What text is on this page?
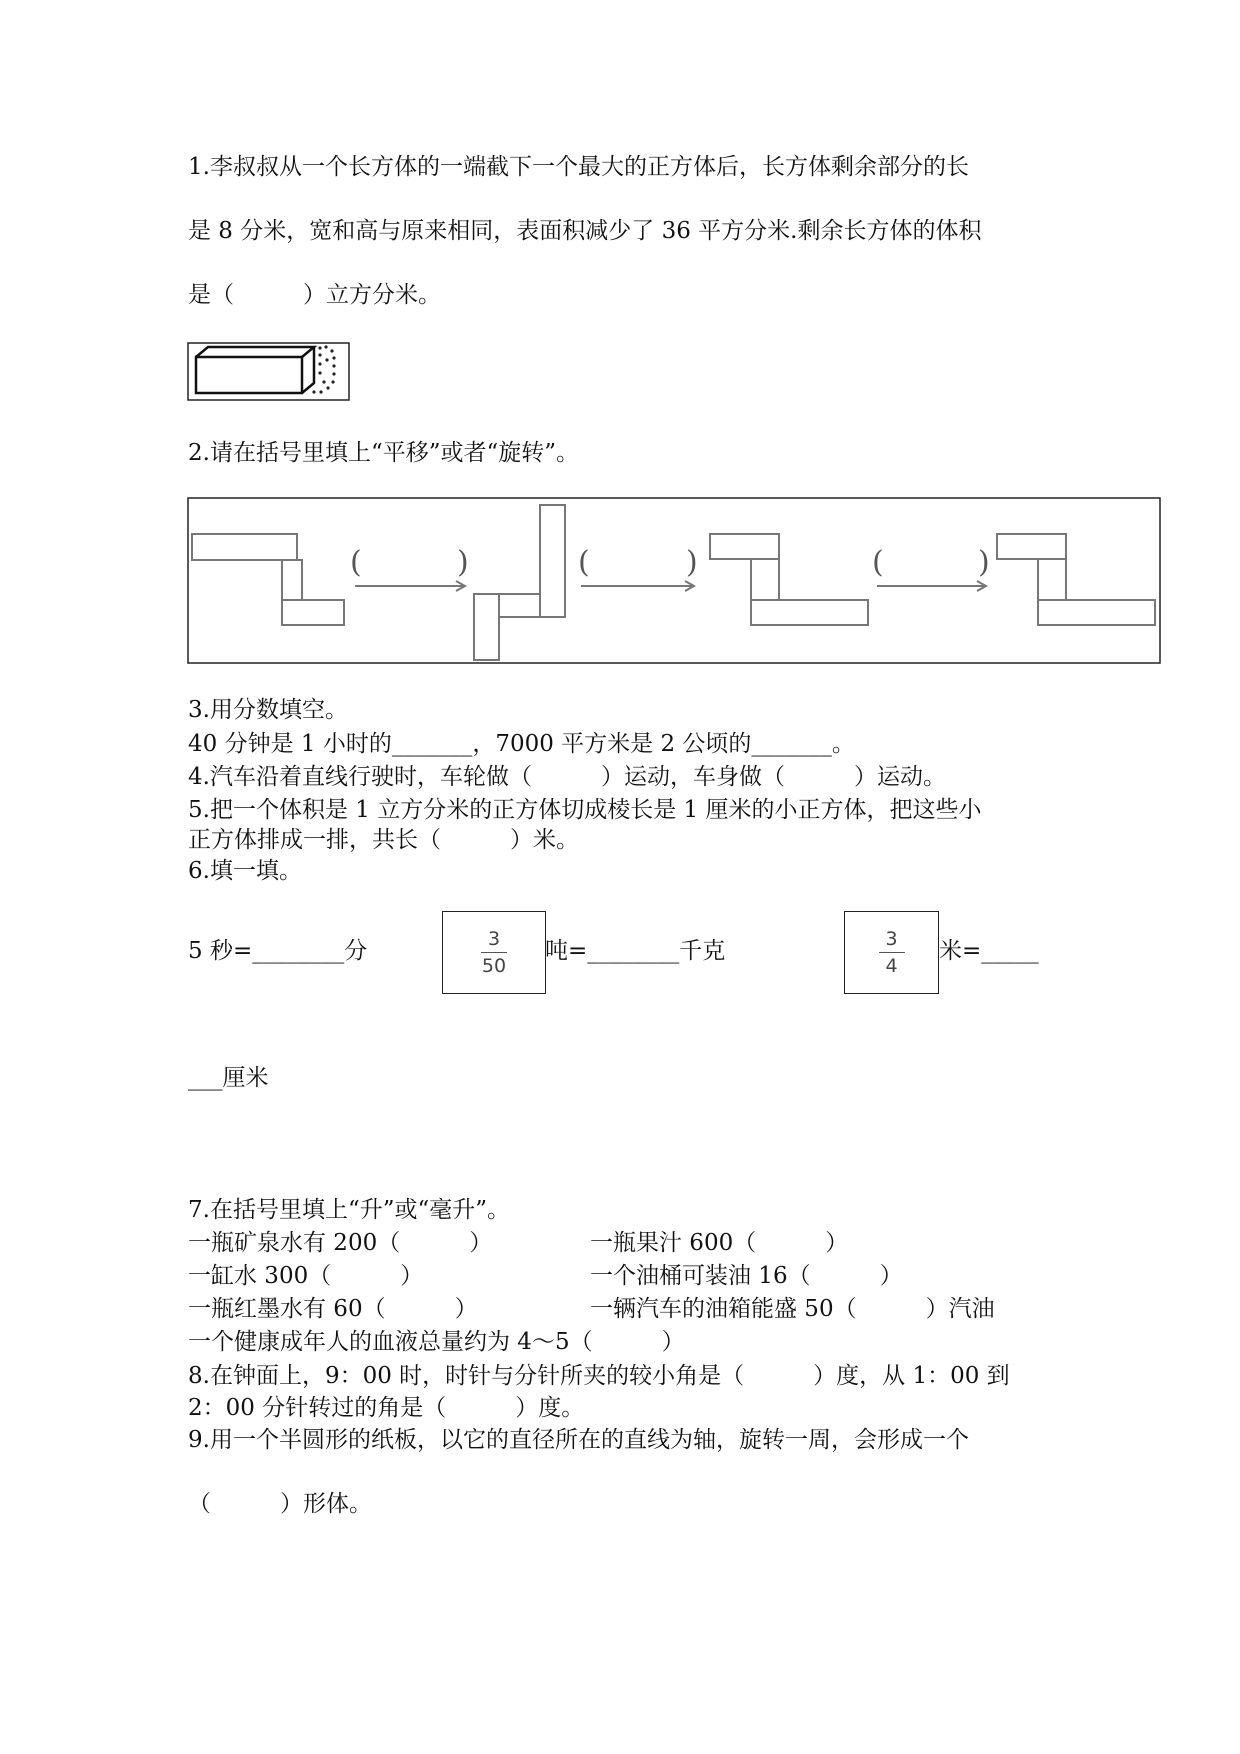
1.李叔叔从一个长方体的一端截下一个最大的正方体后，长方体剩余部分的长
是 8 分米，宽和高与原来相同，表面积减少了 36 平方分米.剩余长方体的体积
是（　　　）立方分米。
2.请在括号里填上“平移”或者“旋转”。
(	)	(	)	(	)
3.用分数填空。
40 分钟是 1 小时的_______，7000 平方米是 2 公顷的_______。
4.汽车沿着直线行驶时，车轮做（　　　）运动，车身做（　　　）运动。
5.把一个体积是 1 立方分米的正方体切成棱长是 1 厘米的小正方体，把这些小
正方体排成一排，共长（　　　）米。
6.填一填。
5 秒=________分	$\frac{3}{50}$ 吨=________千克	$\frac{3}{4}$ 米=_____
___厘米
7.在括号里填上“升”或“毫升”。
一瓶矿泉水有 200（　　　）	一瓶果汁 600（　　　）
一缸水 300（　　　）	一个油桶可装油 16（　　　）
一瓶红墨水有 60（　　　）	一辆汽车的油箱能盛 50（　　　）汽油
一个健康成年人的血液总量约为 4～5（　　　）
8.在钟面上，9：00 时，时针与分针所夹的较小角是（　　　）度，从 1：00 到
2：00 分针转过的角是（　　　）度。
9.用一个半圆形的纸板，以它的直径所在的直线为轴，旋转一周，会形成一个
（　　　）形体。
